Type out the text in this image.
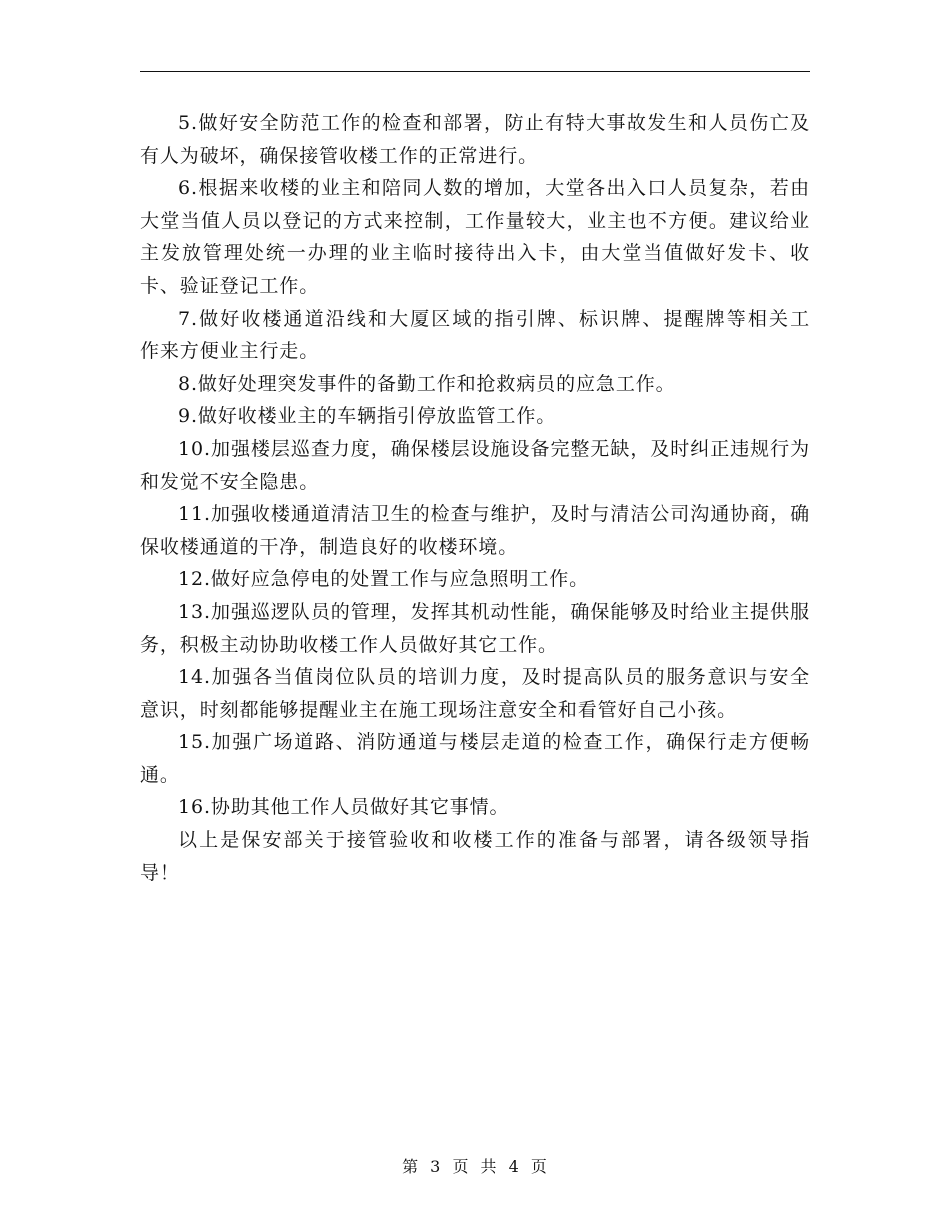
5.做好安全防范工作的检查和部署，防止有特大事故发生和人员伤亡及有人为破坏，确保接管收楼工作的正常进行。

6.根据来收楼的业主和陪同人数的增加，大堂各出入口人员复杂，若由大堂当值人员以登记的方式来控制，工作量较大，业主也不方便。建议给业主发放管理处统一办理的业主临时接待出入卡，由大堂当值做好发卡、收卡、验证登记工作。

7.做好收楼通道沿线和大厦区域的指引牌、标识牌、提醒牌等相关工　作来方便业主行走。

8.做好处理突发事件的备勤工作和抢救病员的应急工作。

9.做好收楼业主的车辆指引停放监管工作。

10.加强楼层巡查力度，确保楼层设施设备完整无缺，及时纠正违规行为和发觉不安全隐患。

11.加强收楼通道清洁卫生的检查与维护，及时与清洁公司沟通协商，确保收楼通道的干净，制造良好的收楼环境。

12.做好应急停电的处置工作与应急照明工作。

13.加强巡逻队员的管理，发挥其机动性能，确保能够及时给业主提供服务，积极主动协助收楼工作人员做好其它工作。

14.加强各当值岗位队员的培训力度，及时提高队员的服务意识与安全　意识，时刻都能够提醒业主在施工现场注意安全和看管好自己小孩。

15.加强广场道路、消防通道与楼层走道的检查工作，确保行走方便畅通。

16.协助其他工作人员做好其它事情。

以上是保安部关于接管验收和收楼工作的准备与部署，请各级领导指导！

第 3 页 共 4 页
